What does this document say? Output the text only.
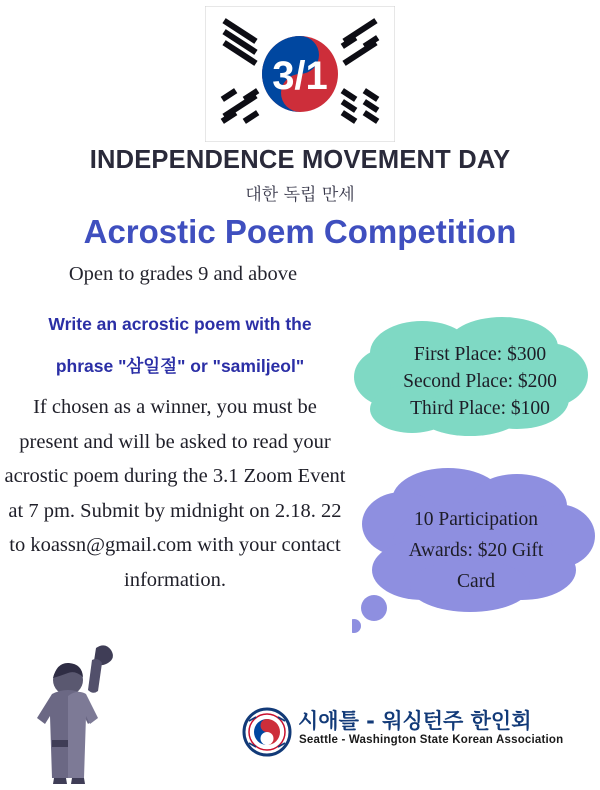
3/1
INDEPENDENCE MOVEMENT DAY
대한 독립 만세
Acrostic Poem Competition
Open to grades 9 and above
Write an acrostic poem with the
phrase "삼일절" or "samiljeol"
If chosen as a winner, you must be present and will be asked to read your acrostic poem during the 3.1 Zoom Event at 7 pm. Submit by midnight on 2.18. 22 to koassn@gmail.com with your contact information.
First Place: $300
Second Place: $200
Third Place: $100
10 Participation
Awards: $20 Gift
Card
시애틀 - 워싱턴주 한인회
Seattle - Washington State Korean Association
